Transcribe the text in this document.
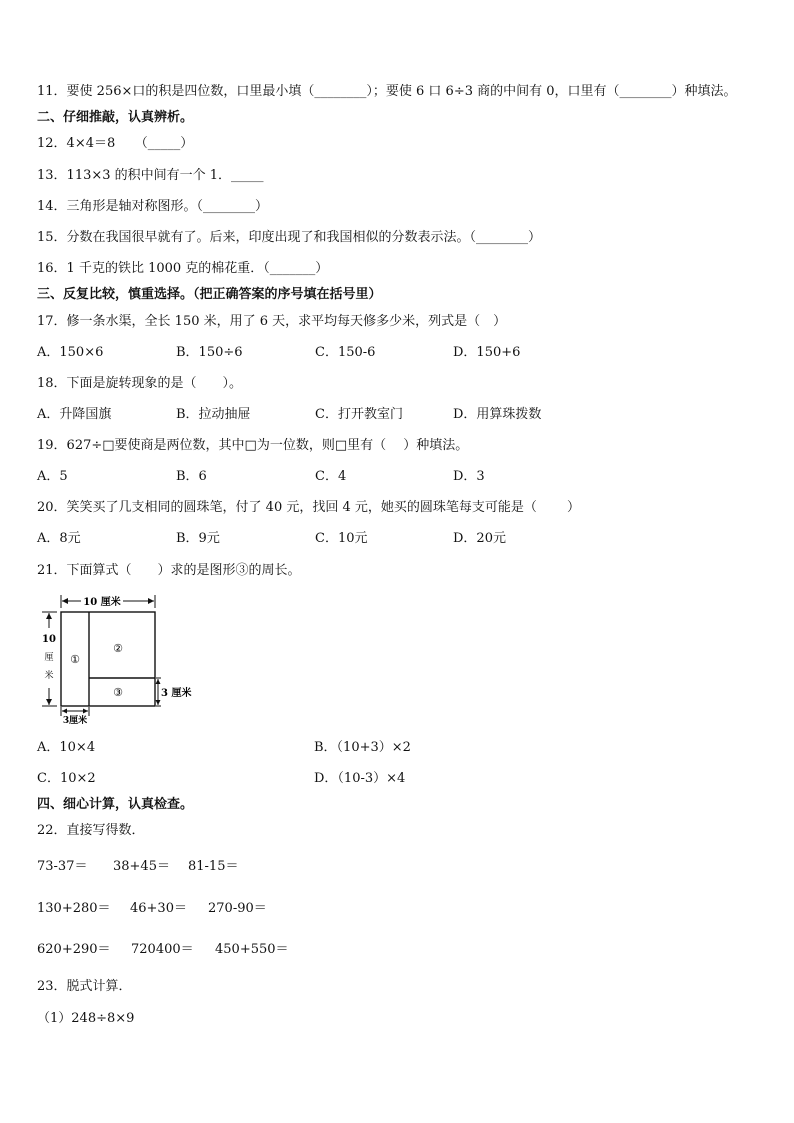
11．要使 256×口的积是四位数，口里最小填（________）；要使 6 口 6÷3 商的中间有 0，口里有（________）种填法。
二、仔细推敲，认真辨析。
12．4×4＝8　　（_____）
13．113×3 的积中间有一个 1．_____
14．三角形是轴对称图形。（________）
15．分数在我国很早就有了。后来，印度出现了和我国相似的分数表示法。（________）
16．1 千克的铁比 1000 克的棉花重．（_______）
三、反复比较，慎重选择。（把正确答案的序号填在括号里）
17．修一条水渠，全长 150 米，用了 6 天，求平均每天修多少米，列式是（　）
A．150×6	B．150÷6	C．150-6	D．150+6
18．下面是旋转现象的是（　　）。
A．升降国旗	B．拉动抽屉	C．打开教室门	D．用算珠拨数
19．627÷□要使商是两位数，其中□为一位数，则□里有（　 ）种填法。
A．5	B．6	C．4	D．3
20．笑笑买了几支相同的圆珠笔，付了 40 元，找回 4 元，她买的圆珠笔每支可能是（　　 ）
A．8元	B．9元	C．10元	D．20元
21．下面算式（　　）求的是图形③的周长。
10 厘米
10
厘
米
①
②
③	3 厘米
3厘米
A．10×4	B．（10+3）×2
C．10×2	D．（10-3）×4
四、细心计算，认真检查。
22．直接写得数．
73-37＝ 38+45＝ 81-15＝
130+280＝ 46+30＝ 270-90＝
620+290＝ 720400＝ 450+550＝
23．脱式计算．
（1）248÷8×9
